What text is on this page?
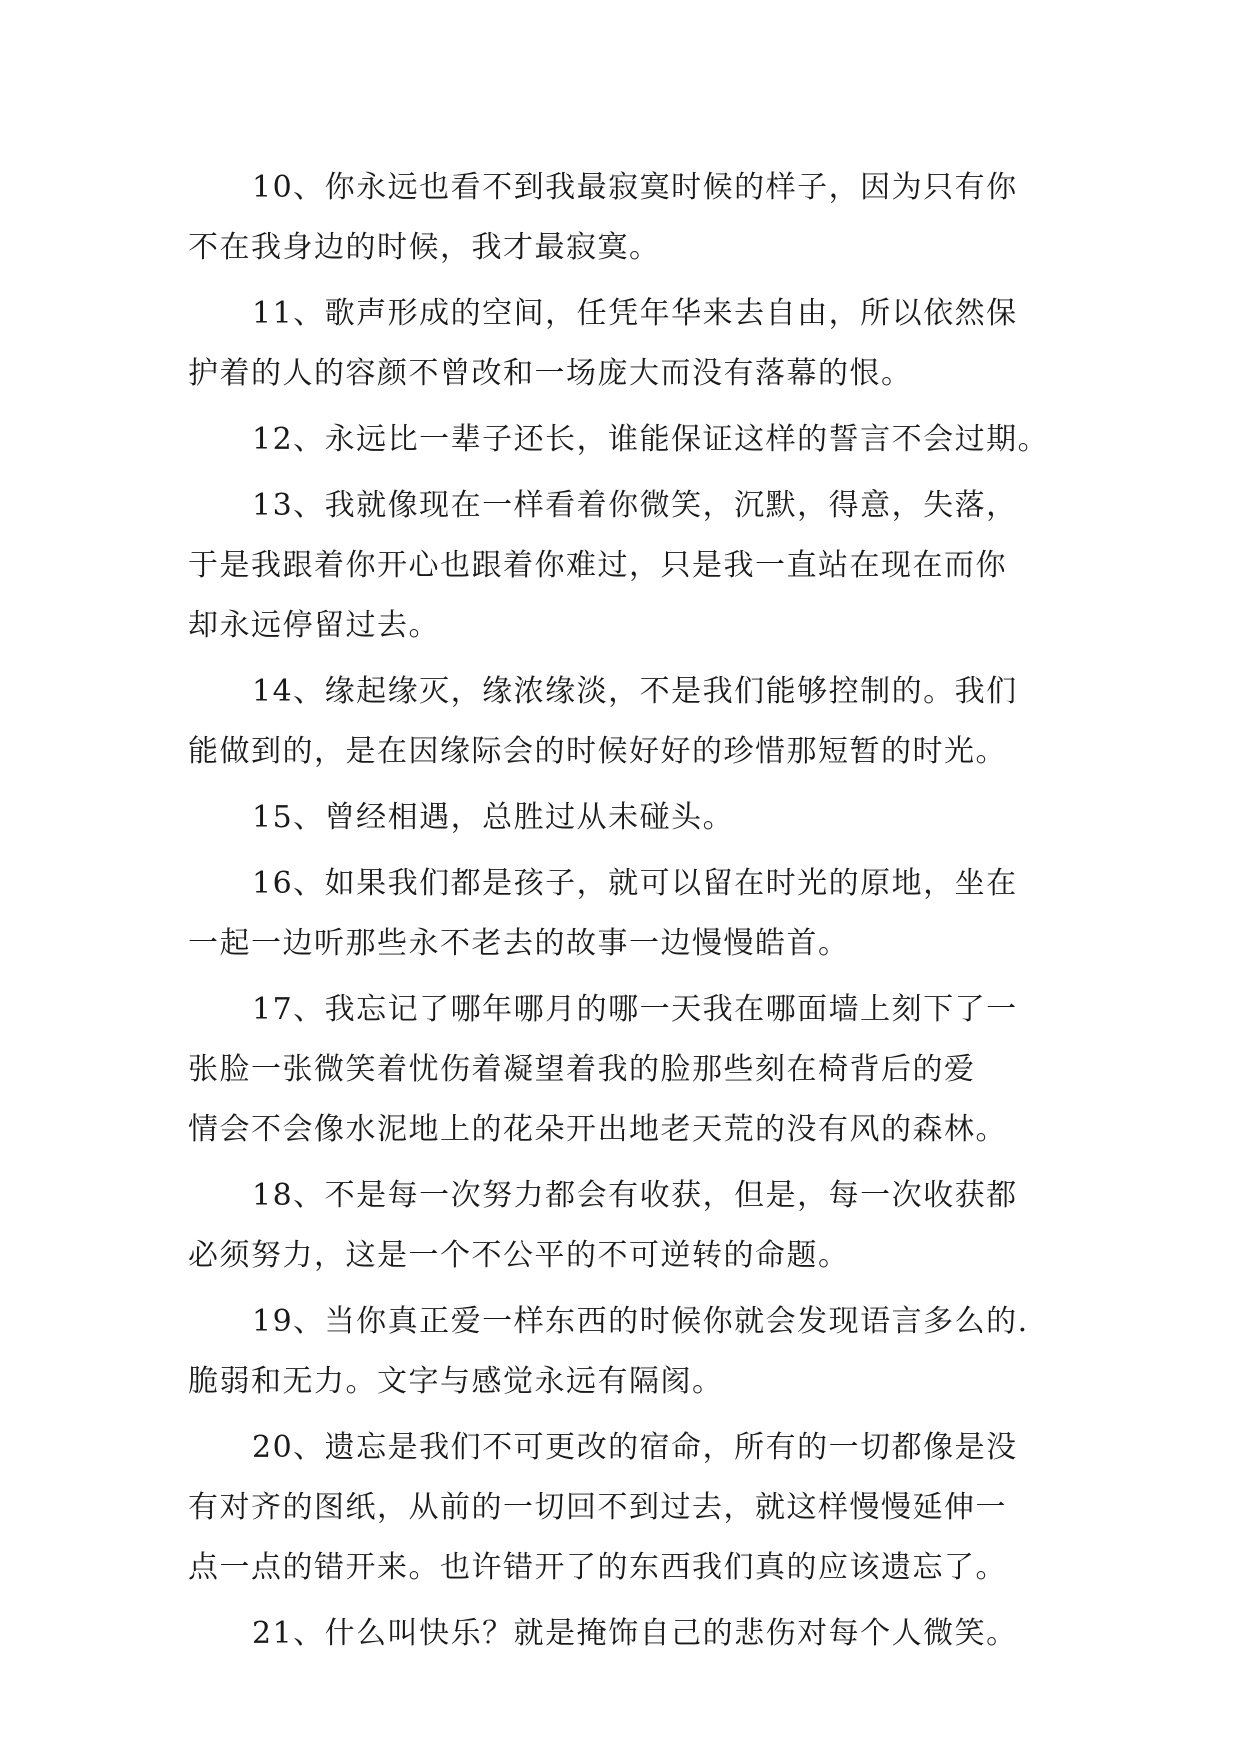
10、你永远也看不到我最寂寞时候的样子，因为只有你
不在我身边的时候，我才最寂寞。
11、歌声形成的空间，任凭年华来去自由，所以依然保
护着的人的容颜不曾改和一场庞大而没有落幕的恨。
12、永远比一辈子还长，谁能保证这样的誓言不会过期。
13、我就像现在一样看着你微笑，沉默，得意，失落，
于是我跟着你开心也跟着你难过，只是我一直站在现在而你
却永远停留过去。
14、缘起缘灭，缘浓缘淡，不是我们能够控制的。我们
能做到的，是在因缘际会的时候好好的珍惜那短暂的时光。
15、曾经相遇，总胜过从未碰头。
16、如果我们都是孩子，就可以留在时光的原地，坐在
一起一边听那些永不老去的故事一边慢慢皓首。
17、我忘记了哪年哪月的哪一天我在哪面墙上刻下了一
张脸一张微笑着忧伤着凝望着我的脸那些刻在椅背后的爱
情会不会像水泥地上的花朵开出地老天荒的没有风的森林。
18、不是每一次努力都会有收获，但是，每一次收获都
必须努力，这是一个不公平的不可逆转的命题。
19、当你真正爱一样东西的时候你就会发现语言多么的.
脆弱和无力。文字与感觉永远有隔阂。
20、遗忘是我们不可更改的宿命，所有的一切都像是没
有对齐的图纸，从前的一切回不到过去，就这样慢慢延伸一
点一点的错开来。也许错开了的东西我们真的应该遗忘了。
21、什么叫快乐？就是掩饰自己的悲伤对每个人微笑。
